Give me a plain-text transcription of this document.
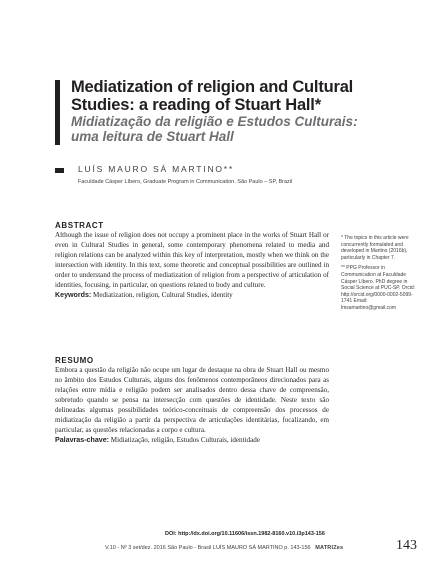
Mediatization of religion and Cultural
Studies: a reading of Stuart Hall*
Midiatização da religião e Estudos Culturais:
uma leitura de Stuart Hall
LUÍS MAURO SÁ MARTINO**
Faculdade Cásper Líbero, Graduate Program in Communication. São Paulo – SP, Brazil
ABSTRACT
Although the issue of religion does not occupy a prominent place in the works of Stuart Hall or even in Cultural Studies in general, some contemporary phenomena related to media and religion relations can be analyzed within this key of interpretation, mostly when we think on the intersection with identity. In this text, some theoretic and conceptual possibilities are outlined in order to understand the process of mediatization of religion from a perspective of articulation of identities, focusing, in particular, on questions related to body and culture.
Keywords: Mediatization, religion, Cultural Studies, identity
RESUMO
Embora a questão da religião não ocupe um lugar de destaque na obra de Stuart Hall ou mesmo no âmbito dos Estudos Culturais, alguns dos fenômenos contemporâneos direcionados para as relações entre mídia e religião podem ser analisados dentro dessa chave de compreensão, sobretudo quando se pensa na intersecção com questões de identidade. Neste texto são delineadas algumas possibilidades teórico-conceituais de compreensão dos processos de midiatização da religião a partir da perspectiva de articulações identitárias, focalizando, em particular, as questões relacionadas a corpo e cultura.
Palavras-chave: Midiatização, religião, Estudos Culturais, identidade

* The topics in this article were concurrently formulated and developed in Martino (2016b), particularly in Chapter 7.

** PPG Professor in Communication at Faculdade Cásper Líbero. PhD degree in Social Science at PUC-SP. Orcid: http://orcid.org/0000-0002-5099-1741 Email: lmsamartino@gmail.com

DOI: http://dx.doi.org/10.11606/issn.1982-8160.v10.i3p143-156
V.10 - Nº 3 set/dez. 2016 São Paulo - Brasil LUÍS MAURO SÁ MARTINO p. 143-156 MATRIZes	143
